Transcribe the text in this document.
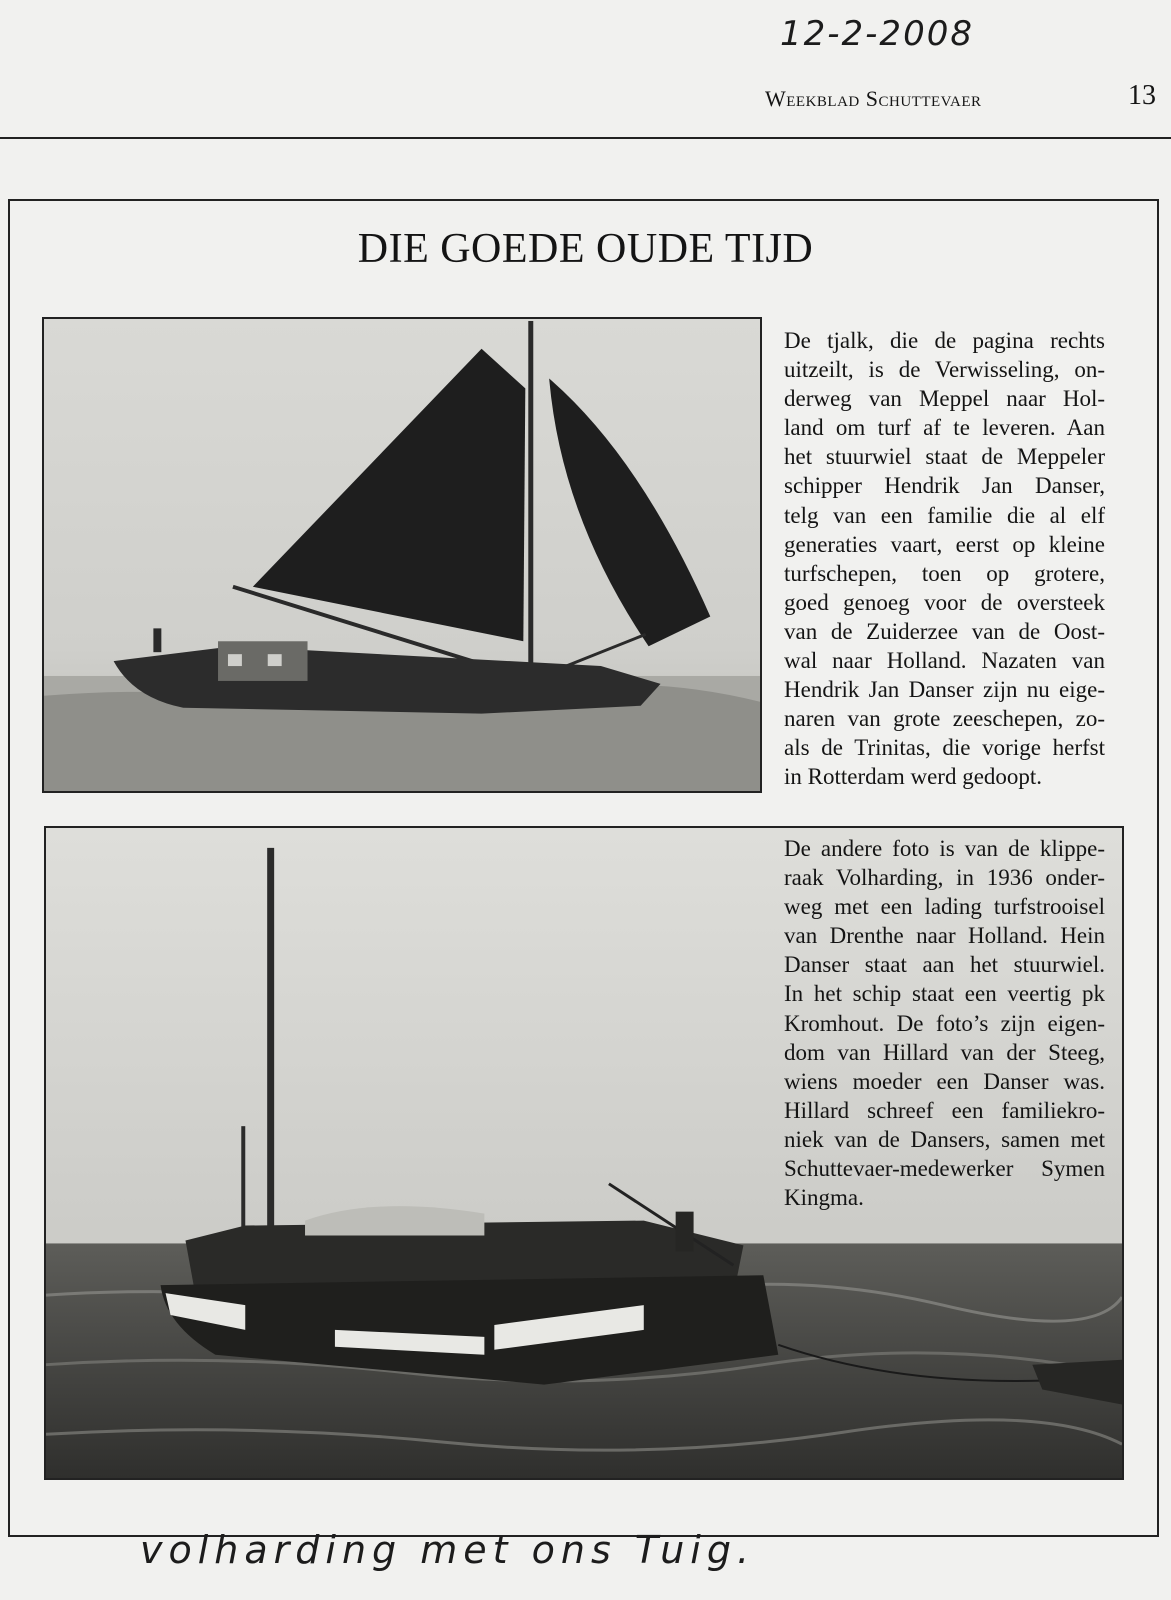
12-2-2008
Weekblad Schuttevaer	13
DIE GOEDE OUDE TIJD
De tjalk, die de pagina rechts
uitzeilt, is de Verwisseling, on-
derweg van Meppel naar Hol-
land om turf af te leveren. Aan
het stuurwiel staat de Meppeler
schipper Hendrik Jan Danser,
telg van een familie die al elf
generaties vaart, eerst op kleine
turfschepen, toen op grotere,
goed genoeg voor de oversteek
van de Zuiderzee van de Oost-
wal naar Holland. Nazaten van
Hendrik Jan Danser zijn nu eige-
naren van grote zeeschepen, zo-
als de Trinitas, die vorige herfst
in Rotterdam werd gedoopt.
De andere foto is van de klippe-
raak Volharding, in 1936 onder-
weg met een lading turfstrooisel
van Drenthe naar Holland. Hein
Danser staat aan het stuurwiel.
In het schip staat een veertig pk
Kromhout. De foto’s zijn eigen-
dom van Hillard van der Steeg,
wiens moeder een Danser was.
Hillard schreef een familiekro-
niek van de Dansers, samen met
Schuttevaer-medewerker Symen
Kingma.
volharding met ons Tuig.
